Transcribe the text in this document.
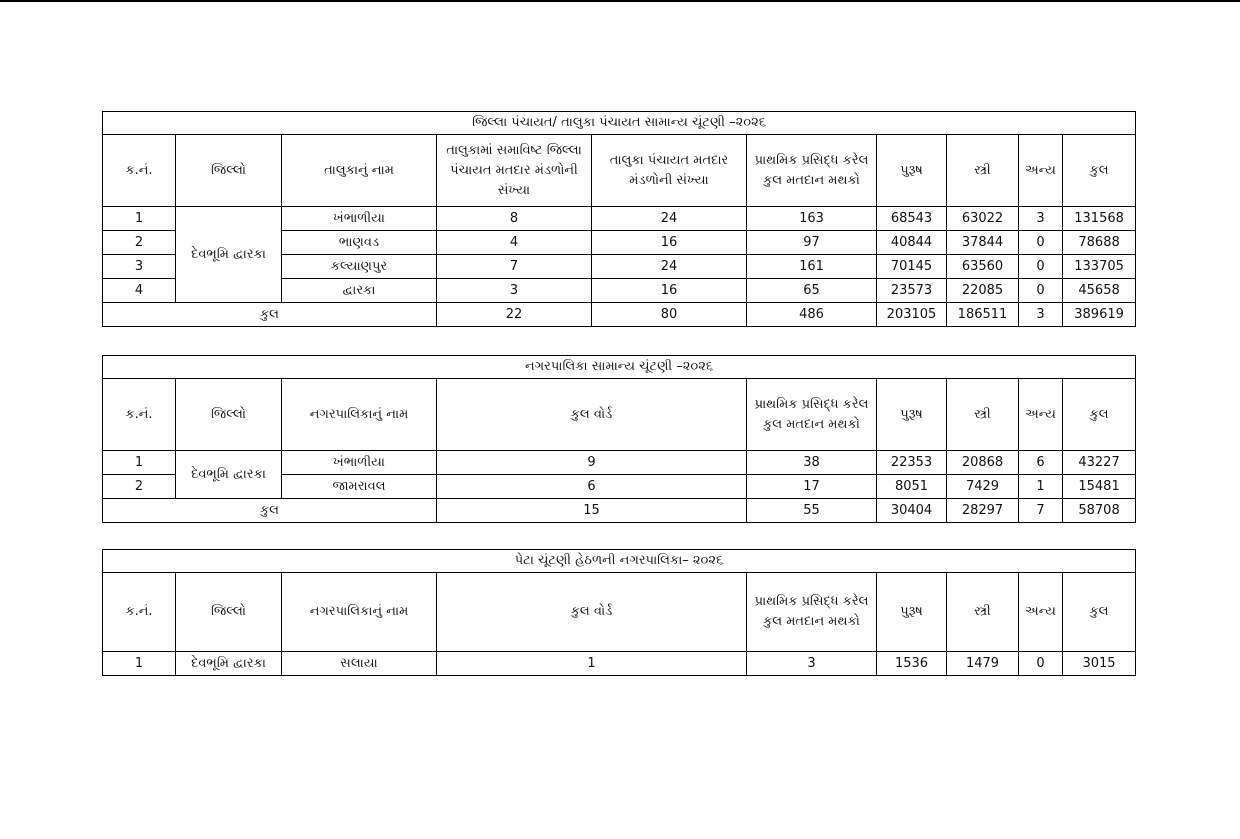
જિલ્લા પંચાયત/ તાલુકા પંચાયત સામાન્ય ચૂંટણી –૨૦૨૬									
ક.નં.	જિલ્લો	તાલુકાનું નામ	તાલુકામાં સમાવિષ્ટ જિલ્લા પંચાયત મતદાર મંડળોની સંખ્યા	તાલુકા પંચાયત મતદાર મંડળોની સંખ્યા	પ્રાથમિક પ્રસિદ્ધ કરેલ કુલ મતદાન મથકો	પુરૂષ	સ્ત્રી	અન્ય	કુલ
1	દેવભૂમિ દ્વારકા	ખંભાળીયા	8	24	163	68543	63022	3	131568
2		ભાણવડ	4	16	97	40844	37844	0	78688
3		કલ્યાણપુર	7	24	161	70145	63560	0	133705
4		દ્વારકા	3	16	65	23573	22085	0	45658
કુલ			22	80	486	203105	186511	3	389619
નગરપાલિકા સામાન્ય ચૂંટણી –૨૦૨૬								
ક.નં.	જિલ્લો	નગરપાલિકાનું નામ	કુલ વોર્ડ	પ્રાથમિક પ્રસિદ્ધ કરેલ કુલ મતદાન મથકો	પુરૂષ	સ્ત્રી	અન્ય	કુલ
1	દેવભૂમિ દ્વારકા	ખંભાળીયા	9	38	22353	20868	6	43227
2		જામરાવલ	6	17	8051	7429	1	15481
કુલ			15	55	30404	28297	7	58708
પેટા ચૂંટણી હેઠળની નગરપાલિકા– ૨૦૨૬								
ક.નં.	જિલ્લો	નગરપાલિકાનું નામ	કુલ વોર્ડ	પ્રાથમિક પ્રસિદ્ધ કરેલ કુલ મતદાન મથકો	પુરૂષ	સ્ત્રી	અન્ય	કુલ
1	દેવભૂમિ દ્વારકા	સલાયા	1	3	1536	1479	0	3015
